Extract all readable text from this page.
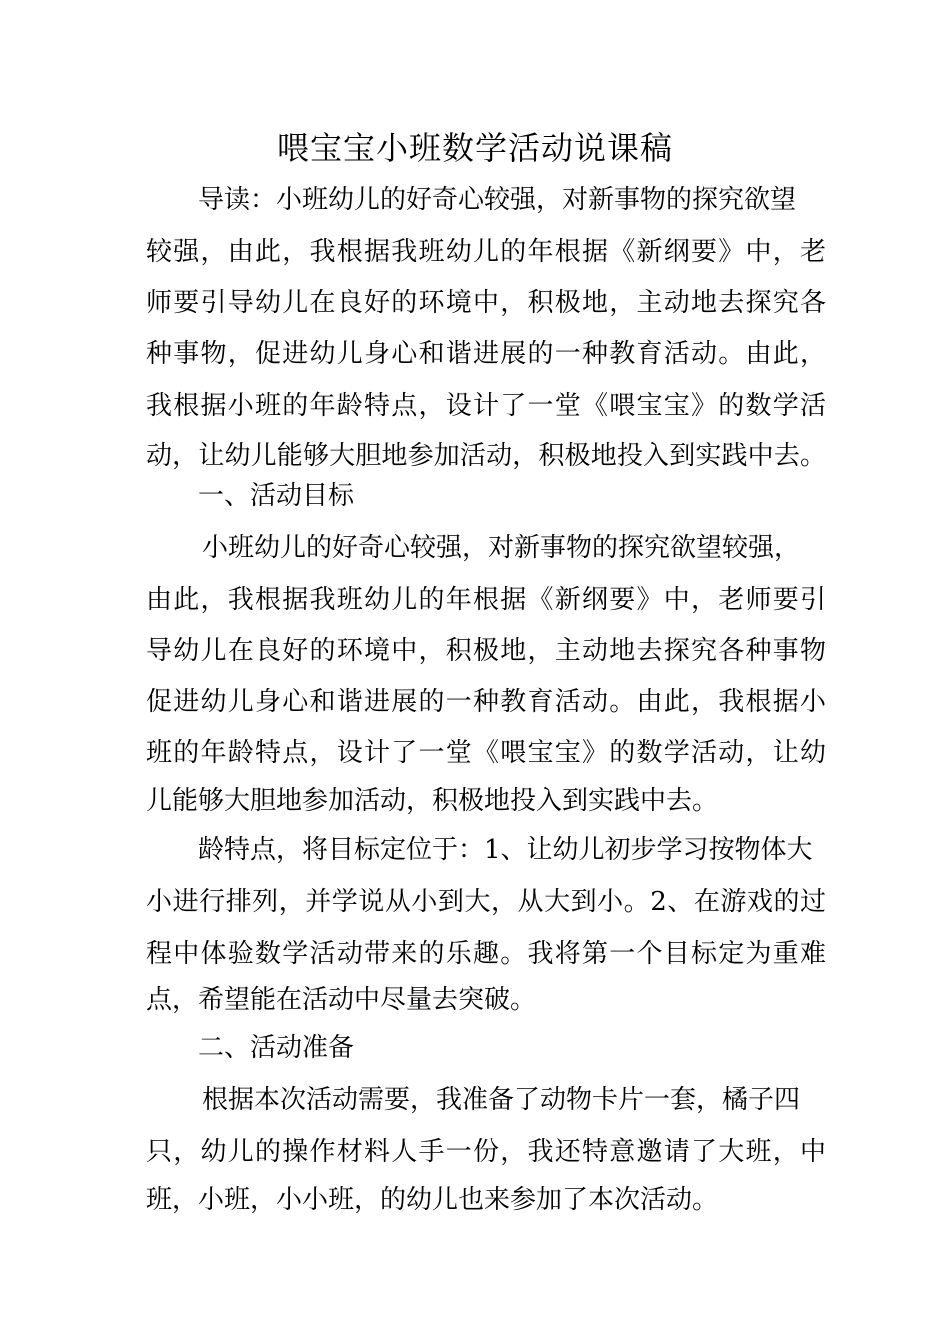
喂宝宝小班数学活动说课稿
导读：小班幼儿的好奇心较强，对新事物的探究欲望
较强，由此，我根据我班幼儿的年根据《新纲要》中，老
师要引导幼儿在良好的环境中，积极地，主动地去探究各
种事物，促进幼儿身心和谐进展的一种教育活动。由此，
我根据小班的年龄特点，设计了一堂《喂宝宝》的数学活
动，让幼儿能够大胆地参加活动，积极地投入到实践中去。
一、活动目标
小班幼儿的好奇心较强，对新事物的探究欲望较强，
由此，我根据我班幼儿的年根据《新纲要》中，老师要引
导幼儿在良好的环境中，积极地，主动地去探究各种事物
促进幼儿身心和谐进展的一种教育活动。由此，我根据小
班的年龄特点，设计了一堂《喂宝宝》的数学活动，让幼
儿能够大胆地参加活动，积极地投入到实践中去。
龄特点，将目标定位于：1、让幼儿初步学习按物体大
小进行排列，并学说从小到大，从大到小。2、在游戏的过
程中体验数学活动带来的乐趣。我将第一个目标定为重难
点，希望能在活动中尽量去突破。
二、活动准备
根据本次活动需要，我准备了动物卡片一套，橘子四
只，幼儿的操作材料人手一份，我还特意邀请了大班，中
班，小班，小小班，的幼儿也来参加了本次活动。
